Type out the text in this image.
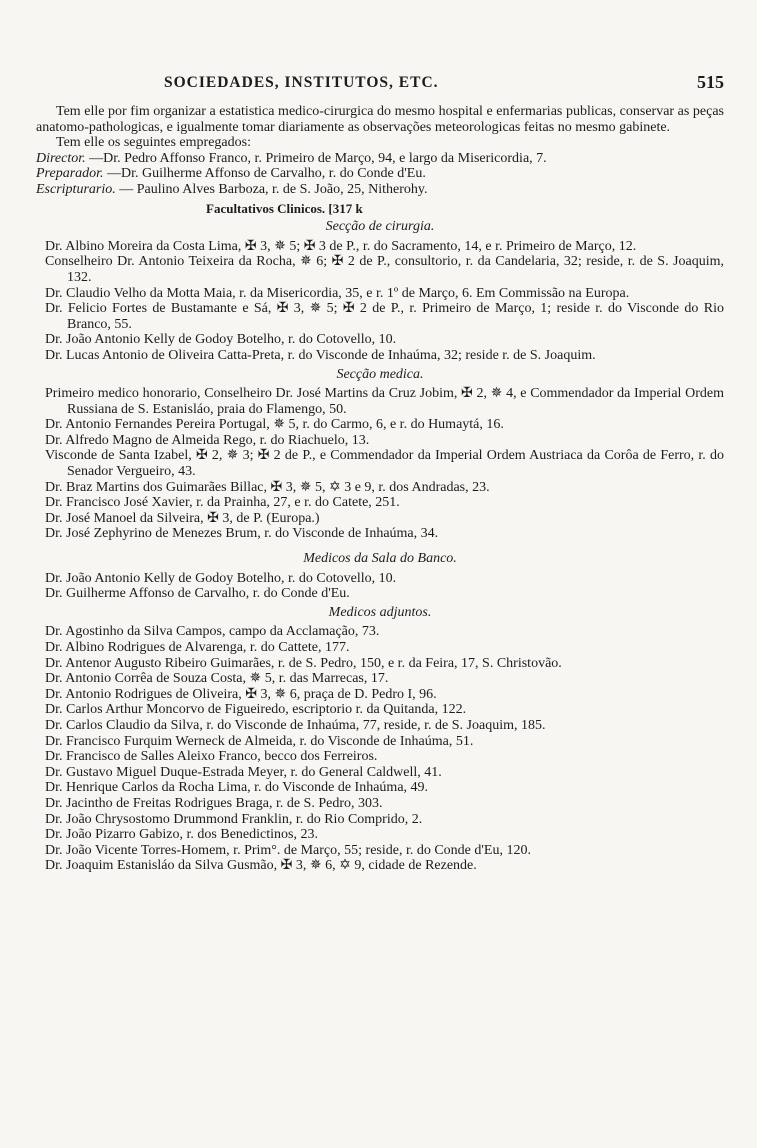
SOCIEDADES, INSTITUTOS, ETC.	515
Tem elle por fim organizar a estatistica medico-cirurgica do mesmo hospital e enfermarias publicas, conservar as peças anatomo-pathologicas, e igualmente tomar diariamente as observações meteorologicas feitas no mesmo gabinete.
Tem elle os seguintes empregados:
Director. —Dr. Pedro Affonso Franco, r. Primeiro de Março, 94, e largo da Misericordia, 7.
Preparador. —Dr. Guilherme Affonso de Carvalho, r. do Conde d'Eu.
Escripturario. — Paulino Alves Barboza, r. de S. João, 25, Nitherohy.
Facultativos Clinicos. [317 k
Secção de cirurgia.
Dr. Albino Moreira da Costa Lima, ✠ 3, ✵ 5; ✠ 3 de P., r. do Sacramento, 14, e r. Primeiro de Março, 12.
Conselheiro Dr. Antonio Teixeira da Rocha, ✵ 6; ✠ 2 de P., consultorio, r. da Candelaria, 32; reside, r. de S. Joaquim, 132.
Dr. Claudio Velho da Motta Maia, r. da Misericordia, 35, e r. 1º de Março, 6. Em Commissão na Europa.
Dr. Felicio Fortes de Bustamante e Sá, ✠ 3, ✵ 5; ✠ 2 de P., r. Primeiro de Março, 1; reside r. do Visconde do Rio Branco, 55.
Dr. João Antonio Kelly de Godoy Botelho, r. do Cotovello, 10.
Dr. Lucas Antonio de Oliveira Catta-Preta, r. do Visconde de Inhaúma, 32; reside r. de S. Joaquim.
Secção medica.
Primeiro medico honorario, Conselheiro Dr. José Martins da Cruz Jobim, ✠ 2, ✵ 4, e Commendador da Imperial Ordem Russiana de S. Estanisláo, praia do Flamengo, 50.
Dr. Antonio Fernandes Pereira Portugal, ✵ 5, r. do Carmo, 6, e r. do Humaytá, 16.
Dr. Alfredo Magno de Almeida Rego, r. do Riachuelo, 13.
Visconde de Santa Izabel, ✠ 2, ✵ 3; ✠ 2 de P., e Commendador da Imperial Ordem Austriaca da Corôa de Ferro, r. do Senador Vergueiro, 43.
Dr. Braz Martins dos Guimarães Billac, ✠ 3, ✵ 5, ✡ 3 e 9, r. dos Andradas, 23.
Dr. Francisco José Xavier, r. da Prainha, 27, e r. do Catete, 251.
Dr. José Manoel da Silveira, ✠ 3, de P. (Europa.)
Dr. José Zephyrino de Menezes Brum, r. do Visconde de Inhaúma, 34.
Medicos da Sala do Banco.
Dr. João Antonio Kelly de Godoy Botelho, r. do Cotovello, 10.
Dr. Guilherme Affonso de Carvalho, r. do Conde d'Eu.
Medicos adjuntos.
Dr. Agostinho da Silva Campos, campo da Acclamação, 73.
Dr. Albino Rodrigues de Alvarenga, r. do Cattete, 177.
Dr. Antenor Augusto Ribeiro Guimarães, r. de S. Pedro, 150, e r. da Feira, 17, S. Christovão.
Dr. Antonio Corrêa de Souza Costa, ✵ 5, r. das Marrecas, 17.
Dr. Antonio Rodrigues de Oliveira, ✠ 3, ✵ 6, praça de D. Pedro I, 96.
Dr. Carlos Arthur Moncorvo de Figueiredo, escriptorio r. da Quitanda, 122.
Dr. Carlos Claudio da Silva, r. do Visconde de Inhaúma, 77, reside, r. de S. Joaquim, 185.
Dr. Francisco Furquim Werneck de Almeida, r. do Visconde de Inhaúma, 51.
Dr. Francisco de Salles Aleixo Franco, becco dos Ferreiros.
Dr. Gustavo Miguel Duque-Estrada Meyer, r. do General Caldwell, 41.
Dr. Henrique Carlos da Rocha Lima, r. do Visconde de Inhaúma, 49.
Dr. Jacintho de Freitas Rodrigues Braga, r. de S. Pedro, 303.
Dr. João Chrysostomo Drummond Franklin, r. do Rio Comprido, 2.
Dr. João Pizarro Gabizo, r. dos Benedictinos, 23.
Dr. João Vicente Torres-Homem, r. Prim°. de Março, 55; reside, r. do Conde d'Eu, 120.
Dr. Joaquim Estanisláo da Silva Gusmão, ✠ 3, ✵ 6, ✡ 9, cidade de Rezende.
